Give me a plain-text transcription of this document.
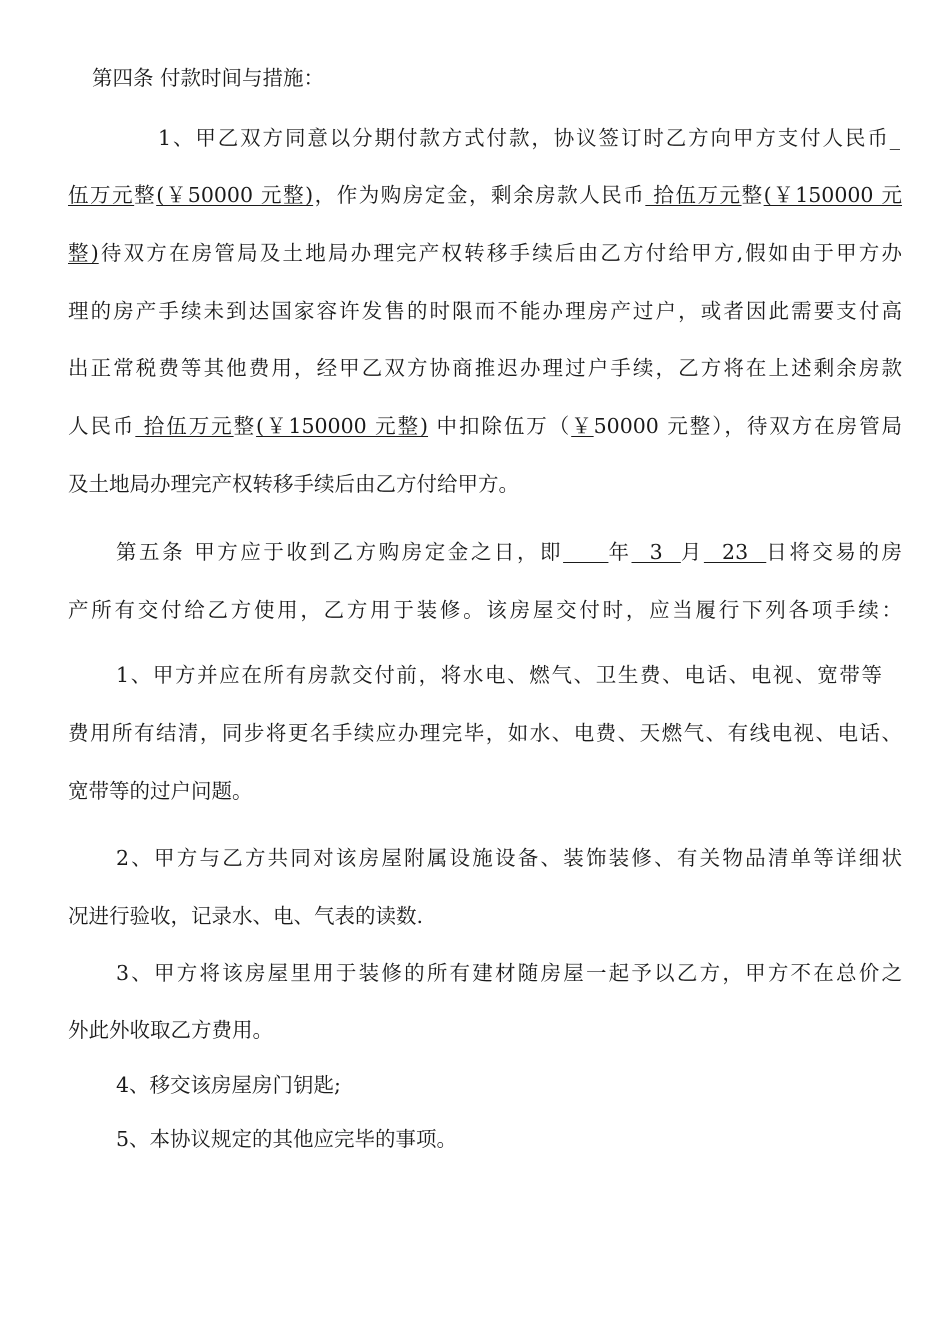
第四条 付款时间与措施：
1、甲乙双方同意以分期付款方式付款，协议签订时乙方向甲方支付人民币_
伍万元整(￥50000 元整)，作为购房定金，剩余房款人民币 拾伍万元整(￥150000 元
整)待双方在房管局及土地局办理完产权转移手续后由乙方付给甲方,假如由于甲方办
理的房产手续未到达国家容许发售的时限而不能办理房产过户，或者因此需要支付高
出正常税费等其他费用，经甲乙双方协商推迟办理过户手续，乙方将在上述剩余房款
人民币 拾伍万元整(￥150000 元整) 中扣除伍万（￥50000 元整），待双方在房管局
及土地局办理完产权转移手续后由乙方付给甲方。
第五条 甲方应于收到乙方购房定金之日，即 年  3  月  23  日将交易的房
产所有交付给乙方使用，乙方用于装修。该房屋交付时，应当履行下列各项手续：
1、甲方并应在所有房款交付前，将水电、燃气、卫生费、电话、电视、宽带等
费用所有结清，同步将更名手续应办理完毕，如水、电费、天燃气、有线电视、电话、
宽带等的过户问题。
2、甲方与乙方共同对该房屋附属设施设备、装饰装修、有关物品清单等详细状
况进行验收，记录水、电、气表的读数.
3、甲方将该房屋里用于装修的所有建材随房屋一起予以乙方，甲方不在总价之
外此外收取乙方费用。
4、移交该房屋房门钥匙;
5、本协议规定的其他应完毕的事项。
